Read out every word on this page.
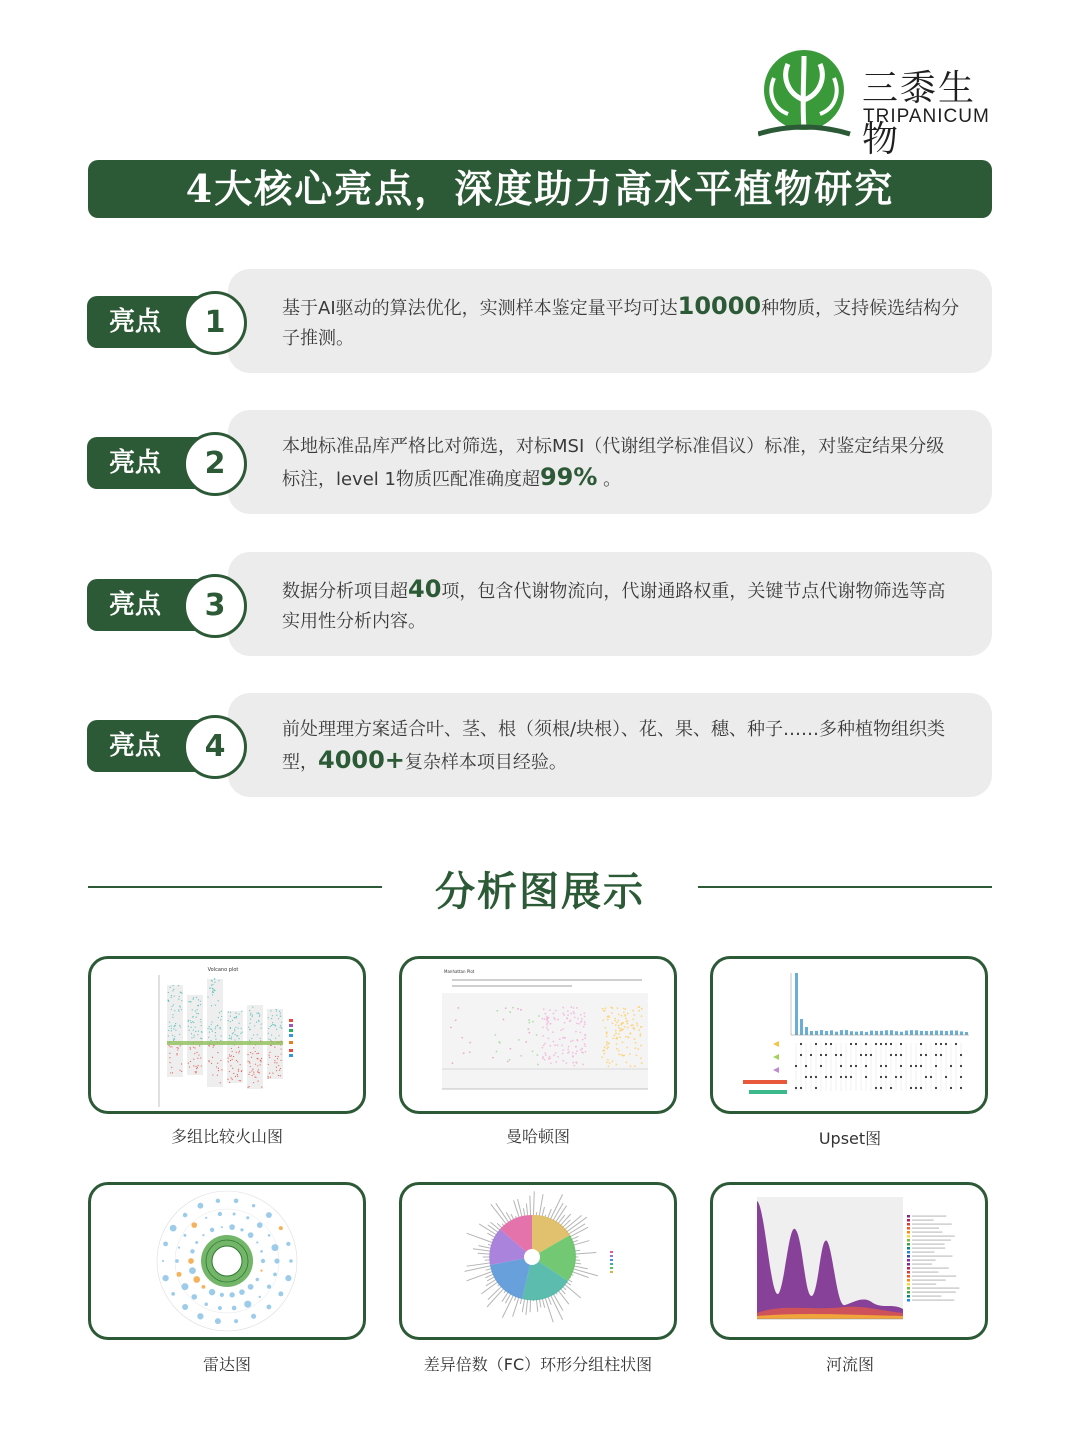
三黍生物
TRIPANICUM
4大核心亮点，深度助力高水平植物研究
基于AI驱动的算法优化，实测样本鉴定量平均可达10000种物质，支持候选结构分子推测。
亮点	1
本地标准品库严格比对筛选，对标MSI（代谢组学标准倡议）标准，对鉴定结果分级标注，level 1物质匹配准确度超99% 。
亮点	2
数据分析项目超40项，包含代谢物流向，代谢通路权重，关键节点代谢物筛选等高实用性分析内容。
亮点	3
前处理理方案适合叶、茎、根（须根/块根）、花、果、穗、种子……多种植物组织类型，4000+复杂样本项目经验。
亮点	4
分析图展示
Volcano plot
多组比较火山图
Manhattan Plot
曼哈顿图	Upset图
雷达图	差异倍数（FC）环形分组柱状图	河流图
